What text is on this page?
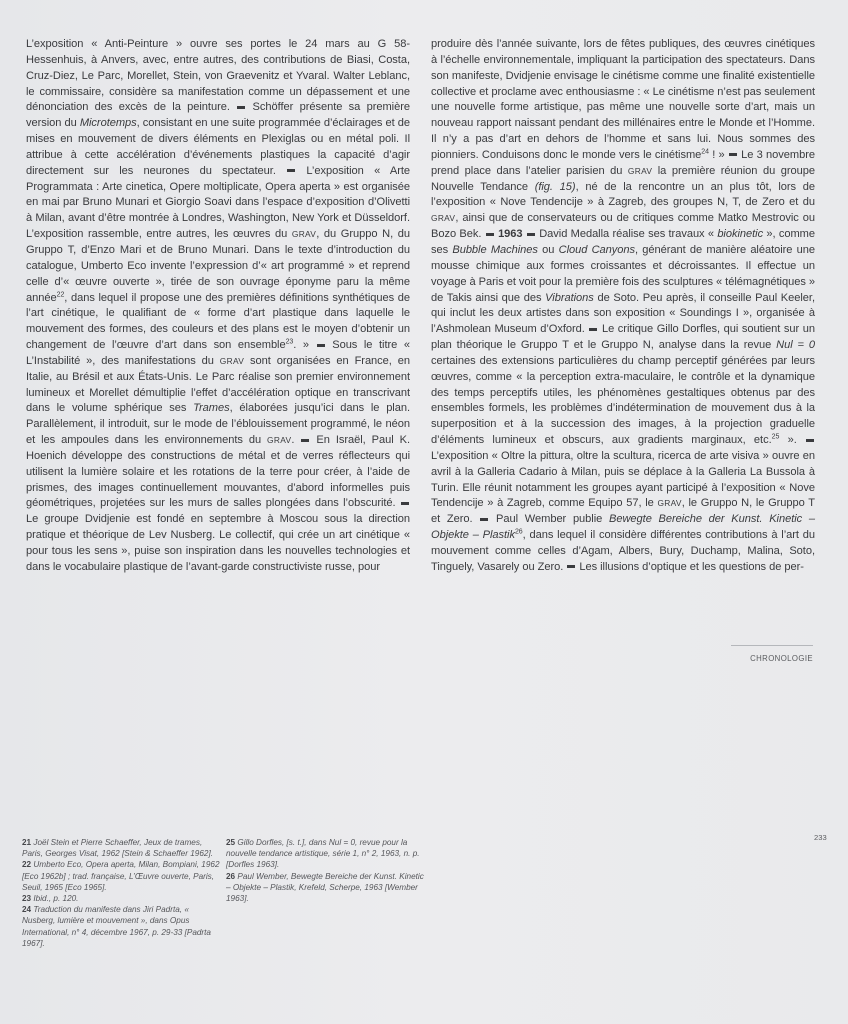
L’exposition « Anti-Peinture » ouvre ses portes le 24 mars au G 58-Hessenhuis, à Anvers, avec, entre autres, des contributions de Biasi, Costa, Cruz-Diez, Le Parc, Morellet, Stein, von Graevenitz et Yvaral. Walter Leblanc, le commissaire, considère sa manifestation comme un dépassement et une dénonciation des excès de la peinture. Schöffer présente sa première version du Microtemps, consistant en une suite programmée d’éclairages et de mises en mouvement de divers éléments en Plexiglas ou en métal poli. Il attribue à cette accélération d’événements plastiques la capacité d’agir directement sur les neurones du spectateur.	L’exposition « Arte Programmata : Arte cinetica, Opere moltiplicate, Opera aperta » est organisée en mai par Bruno Munari et Giorgio Soavi dans l’espace d’exposition d’Olivetti à Milan, avant d’être montrée à Londres, Washington, New York et Düsseldorf. L’exposition rassemble, entre autres, les œuvres du GRAV, du Gruppo N, du Gruppo T, d’Enzo Mari et de Bruno Munari. Dans le texte d’introduction du catalogue, Umberto Eco invente l’expression d’« art programmé » et reprend celle d’« œuvre ouverte », tirée de son ouvrage éponyme paru la même année$^{22}$, dans lequel il propose une des premières définitions synthétiques de l’art cinétique, le qualifiant de « forme d’art plastique dans laquelle le mouvement des formes, des couleurs et des plans est le moyen d’obtenir un changement de l’œuvre d’art dans son ensemble$^{23}$. » Sous le titre « L’Instabilité », des manifestations du GRAV sont organisées en France, en Italie, au Brésil et aux États-Unis. Le Parc réalise son premier environnement lumineux et Morellet démultiplie l’effet d’accélération optique en transcrivant dans le volume sphérique ses Trames, élaborées jusqu’ici dans le plan. Parallèlement, il introduit, sur le mode de l’éblouissement programmé, le néon et les ampoules dans les environnements du GRAV. En Israël, Paul K. Hoenich développe des constructions de métal et de verres réflecteurs qui utilisent la lumière solaire et les rotations de la terre pour créer, à l’aide de prismes, des images continuellement mouvantes, d’abord informelles puis géométriques, projetées sur les murs de salles plongées dans l’obscurité.  Le groupe Dvidjenie est fondé en septembre à Moscou sous la direction pratique et théorique de Lev Nusberg. Le collectif, qui crée un art cinétique « pour tous les sens », puise son inspiration dans les nouvelles technologies et dans le vocabulaire plastique de l’avant-garde constructiviste russe, pour

produire dès l’année suivante, lors de fêtes publiques, des œuvres cinétiques à l’échelle environnementale, impliquant la participation des spectateurs. Dans son manifeste, Dvidjenie envisage le cinétisme comme une finalité existentielle collective et proclame avec enthousiasme : « Le cinétisme n’est pas seulement une nouvelle forme artistique, pas même une nouvelle sorte d’art, mais un nouveau rapport naissant pendant des millénaires entre le Monde et l’Homme. Il n’y a pas d’art en dehors de l’homme et sans lui. Nous sommes des pionniers. Conduisons donc le monde vers le cinétisme$^{24}$ ! » Le 3 novembre prend place dans l’atelier parisien du GRAV la première réunion du groupe Nouvelle Tendance (fig. 15), né de la rencontre un an plus tôt, lors de l’exposition « Nove Tendencije » à Zagreb, des groupes N, T, de Zero et du GRAV, ainsi que de conservateurs ou de critiques comme Matko Mestrovic ou Bozo Bek. 1963 David Medalla réalise ses travaux « biokinetic », comme ses Bubble Machines ou Cloud Canyons, générant de manière aléatoire une mousse chimique aux formes croissantes et décroissantes. Il effectue un voyage à Paris et voit pour la première fois des sculptures « télémagnétiques » de Takis ainsi que des Vibrations de Soto. Peu après, il conseille Paul Keeler, qui inclut les deux artistes dans son exposition « Soundings I », organisée à l’Ashmolean Museum d’Oxford. Le critique Gillo Dorfles, qui soutient sur un plan théorique le Gruppo T et le Gruppo N, analyse dans la revue Nul = 0 certaines des extensions particulières du champ perceptif générées par leurs œuvres, comme « la perception extra-maculaire, le contrôle et la dynamique des temps perceptifs utiles, les phénomènes gestaltiques obtenus par des ensembles formels, les problèmes d’indétermination de mouvement dus à la superposition et à la succession des images, à la projection graduelle d’éléments lumineux et obscurs, aux gradients marginaux, etc.$^{25}$ ».  L’exposition « Oltre la pittura, oltre la scultura, ricerca de arte visiva » ouvre en avril à la Galleria Cadario à Milan, puis se déplace à la Galleria La Bussola à Turin. Elle réunit notamment les groupes ayant participé à l’exposition « Nove Tendencije » à Zagreb, comme Equipo 57, le GRAV, le Gruppo N, le Gruppo T et Zero. Paul Wember publie Bewegte Bereiche der Kunst. Kinetic – Objekte – Plastik$^{26}$, dans lequel il considère différentes contributions à l’art du mouvement comme celles d’Agam, Albers, Bury, Duchamp, Malina, Soto, Tinguely, Vasarely ou Zero. Les illusions d’optique et les questions de per-

CHRONOLOGIE

21 Joël Stein et Pierre Schaeffer, Jeux de trames, Paris, Georges Visat, 1962 [Stein & Schaeffer 1962].

22 Umberto Eco, Opera aperta, Milan, Bompiani, 1962 [Eco 1962b] ; trad. française, L’Œuvre ouverte, Paris, Seuil, 1965 [Eco 1965].

23 Ibid., p. 120.

24 Traduction du manifeste dans Jiri Padrta, « Nusberg, lumière et mouvement », dans Opus International, n° 4, décembre 1967, p. 29-33 [Padrta 1967].

25 Gillo Dorfles, [s. t.], dans Nul = 0, revue pour la nouvelle tendance artistique, série 1, n° 2, 1963, n. p. [Dorfles 1963].

26 Paul Wember, Bewegte Bereiche der Kunst. Kinetic – Objekte – Plastik, Krefeld, Scherpe, 1963 [Wember 1963].

233
